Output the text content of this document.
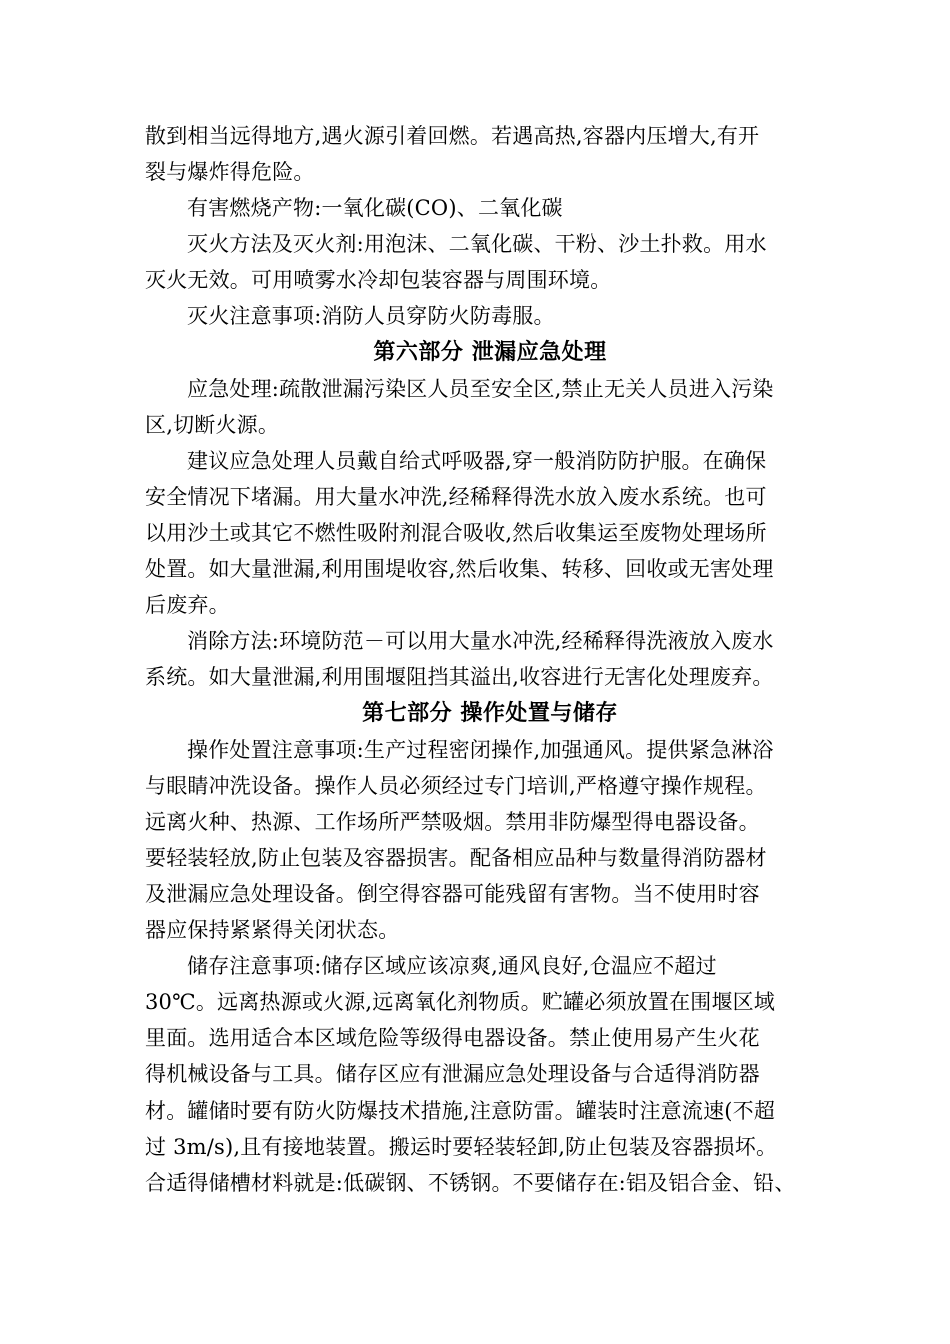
散到相当远得地方,遇火源引着回燃。若遇高热,容器内压增大,有开
裂与爆炸得危险。
有害燃烧产物:一氧化碳(CO)、二氧化碳
灭火方法及灭火剂:用泡沫、二氧化碳、干粉、沙土扑救。用水
灭火无效。可用喷雾水冷却包装容器与周围环境。
灭火注意事项:消防人员穿防火防毒服。
第六部分 泄漏应急处理
应急处理:疏散泄漏污染区人员至安全区,禁止无关人员进入污染
区,切断火源。
建议应急处理人员戴自给式呼吸器,穿一般消防防护服。在确保
安全情况下堵漏。用大量水冲洗,经稀释得洗水放入废水系统。也可
以用沙土或其它不燃性吸附剂混合吸收,然后收集运至废物处理场所
处置。如大量泄漏,利用围堤收容,然后收集、转移、回收或无害处理
后废弃。
消除方法:环境防范－可以用大量水冲洗,经稀释得洗液放入废水
系统。如大量泄漏,利用围堰阻挡其溢出,收容进行无害化处理废弃。
第七部分 操作处置与储存
操作处置注意事项:生产过程密闭操作,加强通风。提供紧急淋浴
与眼睛冲洗设备。操作人员必须经过专门培训,严格遵守操作规程。
远离火种、热源、工作场所严禁吸烟。禁用非防爆型得电器设备。
要轻装轻放,防止包装及容器损害。配备相应品种与数量得消防器材
及泄漏应急处理设备。倒空得容器可能残留有害物。当不使用时容
器应保持紧紧得关闭状态。
储存注意事项:储存区域应该凉爽,通风良好,仓温应不超过
30℃。远离热源或火源,远离氧化剂物质。贮罐必须放置在围堰区域
里面。选用适合本区域危险等级得电器设备。禁止使用易产生火花
得机械设备与工具。储存区应有泄漏应急处理设备与合适得消防器
材。罐储时要有防火防爆技术措施,注意防雷。罐装时注意流速(不超
过 3m/s),且有接地装置。搬运时要轻装轻卸,防止包装及容器损坏。
合适得储槽材料就是:低碳钢、不锈钢。不要储存在:铝及铝合金、铅、
